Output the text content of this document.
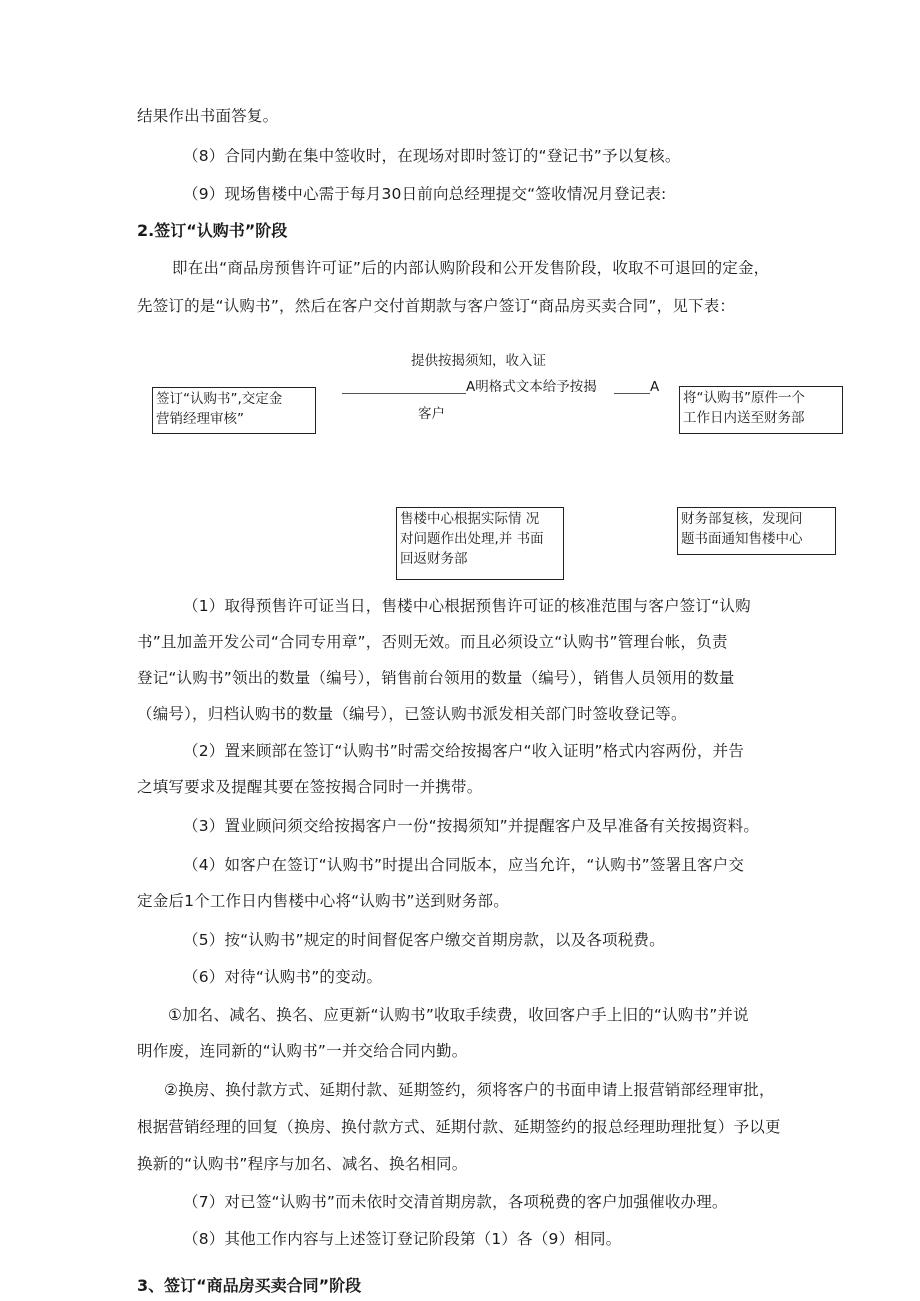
结果作出书面答复。
（8）合同内勤在集中签收时，在现场对即时签订的“登记书”予以复核。
（9）现场售楼中心需于每月30日前向总经理提交“签收情况月登记表:
2.签订“认购书”阶段
即在出“商品房预售许可证”后的内部认购阶段和公开发售阶段，收取不可退回的定金，
先签订的是“认购书”，然后在客户交付首期款与客户签订“商品房买卖合同”，见下表：
提供按揭须知，收入证
A明格式文本给予按揭	A
客户
签订“认购书”,交定金
营销经理审核”
将“认购书”原件一个
工作日内送至财务部
售楼中心根据实际情 况
对问题作出处理,并 书面
回返财务部
财务部复核，发现问
题书面通知售楼中心
（1）取得预售许可证当日，售楼中心根据预售许可证的核准范围与客户签订“认购
书”且加盖开发公司“合同专用章”，否则无效。而且必须设立“认购书”管理台帐，负责
登记“认购书”领出的数量（编号），销售前台领用的数量（编号），销售人员领用的数量
（编号），归档认购书的数量（编号），已签认购书派发相关部门时签收登记等。
（2）置来顾部在签订“认购书”时需交给按揭客户“收入证明”格式内容两份，并告
之填写要求及提醒其要在签按揭合同时一并携带。
（3）置业顾问须交给按揭客户一份“按揭须知”并提醒客户及早准备有关按揭资料。
（4）如客户在签订“认购书”时提出合同版本，应当允许，“认购书”签署且客户交
定金后1个工作日内售楼中心将“认购书”送到财务部。
（5）按“认购书”规定的时间督促客户缴交首期房款，以及各项税费。
（6）对待“认购书”的变动。
①加名、减名、换名、应更新“认购书”收取手续费，收回客户手上旧的“认购书”并说
明作废，连同新的“认购书”一并交给合同内勤。
②换房、换付款方式、延期付款、延期签约，须将客户的书面申请上报营销部经理审批，
根据营销经理的回复（换房、换付款方式、延期付款、延期签约的报总经理助理批复）予以更
换新的“认购书”程序与加名、减名、换名相同。
（7）对已签“认购书”而未依时交清首期房款，各项税费的客户加强催收办理。
（8）其他工作内容与上述签订登记阶段第（1）各（9）相同。
3、签订“商品房买卖合同”阶段
